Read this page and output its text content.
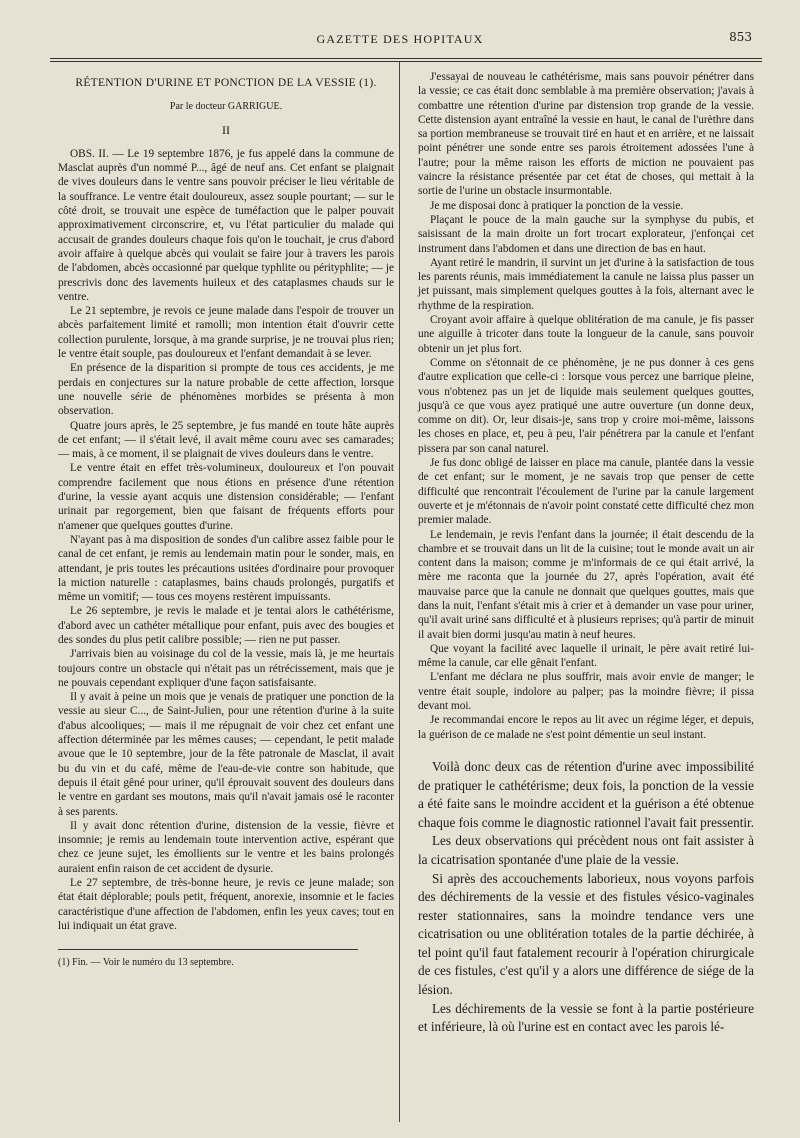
GAZETTE DES HOPITAUX	853
RÉTENTION D'URINE ET PONCTION DE LA VESSIE (1).
Par le docteur GARRIGUE.
II

OBS. II. — Le 19 septembre 1876, je fus appelé dans la commune de Masclat auprès d'un nommé P..., âgé de neuf ans. Cet enfant se plaignait de vives douleurs dans le ventre sans pouvoir préciser le lieu véritable de la souffrance. Le ventre était douloureux, assez souple pourtant; — sur le côté droit, se trouvait une espèce de tuméfaction que le palper pouvait approximativement circonscrire, et, vu l'état particulier du malade qui accusait de grandes douleurs chaque fois qu'on le touchait, je crus d'abord avoir affaire à quelque abcès qui voulait se faire jour à travers les parois de l'abdomen, abcès occasionné par quelque typhlite ou pérityphlite; — je prescrivis donc des lavements huileux et des cataplasmes chauds sur le ventre.

Le 21 septembre, je revois ce jeune malade dans l'espoir de trouver un abcès parfaitement limité et ramolli; mon intention était d'ouvrir cette collection purulente, lorsque, à ma grande surprise, je ne trouvai plus rien; le ventre était souple, pas douloureux et l'enfant demandait à se lever.

En présence de la disparition si prompte de tous ces accidents, je me perdais en conjectures sur la nature probable de cette affection, lorsque une nouvelle série de phénomènes morbides se présenta à mon observation.

Quatre jours après, le 25 septembre, je fus mandé en toute hâte auprès de cet enfant; — il s'était levé, il avait même couru avec ses camarades; — mais, à ce moment, il se plaignait de vives douleurs dans le ventre.

Le ventre était en effet très-volumineux, douloureux et l'on pouvait comprendre facilement que nous étions en présence d'une rétention d'urine, la vessie ayant acquis une distension considérable; — l'enfant urinait par regorgement, bien que faisant de fréquents efforts pour n'amener que quelques gouttes d'urine.

N'ayant pas à ma disposition de sondes d'un calibre assez faible pour le canal de cet enfant, je remis au lendemain matin pour le sonder, mais, en attendant, je pris toutes les précautions usitées d'ordinaire pour provoquer la miction naturelle : cataplasmes, bains chauds prolongés, purgatifs et même un vomitif; — tous ces moyens restèrent impuissants.

Le 26 septembre, je revis le malade et je tentai alors le cathétérisme, d'abord avec un cathéter métallique pour enfant, puis avec des bougies et des sondes du plus petit calibre possible; — rien ne put passer.

J'arrivais bien au voisinage du col de la vessie, mais là, je me heurtais toujours contre un obstacle qui n'était pas un rétrécissement, mais que je ne pouvais cependant expliquer d'une façon satisfaisante.

Il y avait à peine un mois que je venais de pratiquer une ponction de la vessie au sieur C..., de Saint-Julien, pour une rétention d'urine à la suite d'abus alcooliques; — mais il me répugnait de voir chez cet enfant une affection déterminée par les mêmes causes; — cependant, le petit malade avoue que le 10 septembre, jour de la fête patronale de Masclat, il avait bu du vin et du café, même de l'eau-de-vie contre son habitude, que depuis il était gêné pour uriner, qu'il éprouvait souvent des douleurs dans le ventre en gardant ses moutons, mais qu'il n'avait jamais osé le raconter à ses parents.

Il y avait donc rétention d'urine, distension de la vessie, fièvre et insomnie; je remis au lendemain toute intervention active, espérant que chez ce jeune sujet, les émollients sur le ventre et les bains prolongés auraient enfin raison de cet accident de dysurie.

Le 27 septembre, de très-bonne heure, je revis ce jeune malade; son état était déplorable; pouls petit, fréquent, anorexie, insomnie et le facies caractéristique d'une affection de l'abdomen, enfin les yeux caves; tout en lui indiquait un état grave.

(1) Fin. — Voir le numéro du 13 septembre.

J'essayai de nouveau le cathétérisme, mais sans pouvoir pénétrer dans la vessie; ce cas était donc semblable à ma première observation; j'avais à combattre une rétention d'urine par distension trop grande de la vessie. Cette distension ayant entraîné la vessie en haut, le canal de l'urèthre dans sa portion membraneuse se trouvait tiré en haut et en arrière, et ne laissait point pénétrer une sonde entre ses parois étroitement adossées l'une à l'autre; pour la même raison les efforts de miction ne pouvaient pas vaincre la résistance présentée par cet état de choses, qui mettait à la sortie de l'urine un obstacle insurmontable.

Je me disposai donc à pratiquer la ponction de la vessie.

Plaçant le pouce de la main gauche sur la symphyse du pubis, et saisissant de la main droite un fort trocart explorateur, j'enfonçai cet instrument dans l'abdomen et dans une direction de bas en haut.

Ayant retiré le mandrin, il survint un jet d'urine à la satisfaction de tous les parents réunis, mais immédiatement la canule ne laissa plus passer un jet puissant, mais simplement quelques gouttes à la fois, alternant avec le rhythme de la respiration.

Croyant avoir affaire à quelque oblitération de ma canule, je fis passer une aiguille à tricoter dans toute la longueur de la canule, sans pouvoir obtenir un jet plus fort.

Comme on s'étonnait de ce phénomène, je ne pus donner à ces gens d'autre explication que celle-ci : lorsque vous percez une barrique pleine, vous n'obtenez pas un jet de liquide mais seulement quelques gouttes, jusqu'à ce que vous ayez pratiqué une autre ouverture (un donne deux, comme on dit). Or, leur disais-je, sans trop y croire moi-même, laissons les choses en place, et, peu à peu, l'air pénétrera par la canule et l'enfant pissera par son canal naturel.

Je fus donc obligé de laisser en place ma canule, plantée dans la vessie de cet enfant; sur le moment, je ne savais trop que penser de cette difficulté que rencontrait l'écoulement de l'urine par la canule largement ouverte et je m'étonnais de n'avoir point constaté cette difficulté chez mon premier malade.

Le lendemain, je revis l'enfant dans la journée; il était descendu de la chambre et se trouvait dans un lit de la cuisine; tout le monde avait un air content dans la maison; comme je m'informais de ce qui était arrivé, la mère me raconta que la journée du 27, après l'opération, avait été mauvaise parce que la canule ne donnait que quelques gouttes, mais que dans la nuit, l'enfant s'était mis à crier et à demander un vase pour uriner, qu'il avait uriné sans difficulté et à plusieurs reprises; qu'à partir de minuit il avait bien dormi jusqu'au matin à neuf heures.

Que voyant la facilité avec laquelle il urinait, le père avait retiré lui-même la canule, car elle gênait l'enfant.

L'enfant me déclara ne plus souffrir, mais avoir envie de manger; le ventre était souple, indolore au palper; pas la moindre fièvre; il pissa devant moi.

Je recommandai encore le repos au lit avec un régime léger, et depuis, la guérison de ce malade ne s'est point démentie un seul instant.

Voilà donc deux cas de rétention d'urine avec impossibilité de pratiquer le cathétérisme; deux fois, la ponction de la vessie a été faite sans le moindre accident et la guérison a été obtenue chaque fois comme le diagnostic rationnel l'avait fait pressentir.

Les deux observations qui précèdent nous ont fait assister à la cicatrisation spontanée d'une plaie de la vessie.

Si après des accouchements laborieux, nous voyons parfois des déchirements de la vessie et des fistules vésico-vaginales rester stationnaires, sans la moindre tendance vers une cicatrisation ou une oblitération totales de la partie déchirée, à tel point qu'il faut fatalement recourir à l'opération chirurgicale de ces fistules, c'est qu'il y a alors une différence de siége de la lésion.

Les déchirements de la vessie se font à la partie postérieure et inférieure, là où l'urine est en contact avec les parois lé-
